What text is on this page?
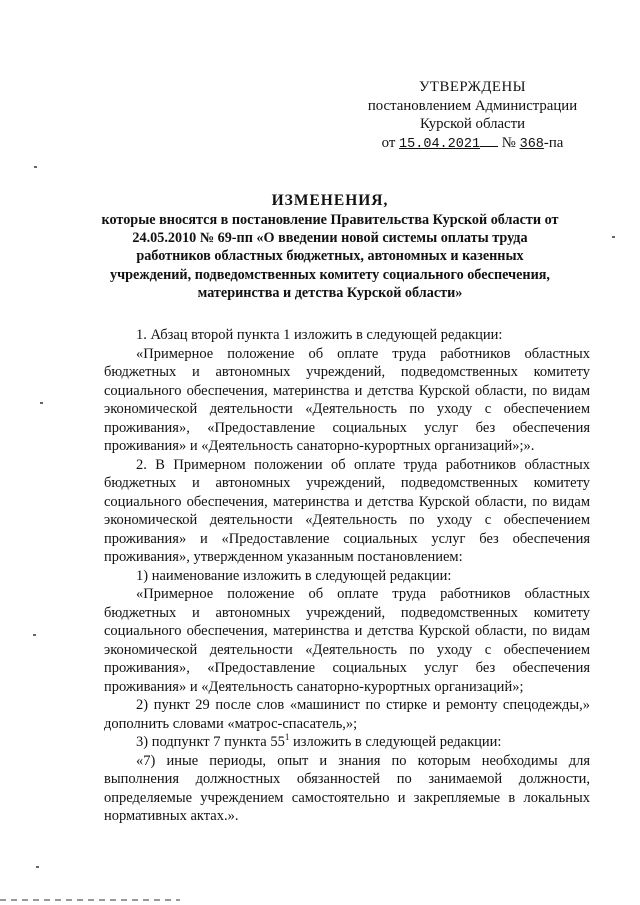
УТВЕРЖДЕНЫ
постановлением Администрации
Курской области
от 15.04.2021 № 368-па
ИЗМЕНЕНИЯ,
которые вносятся в постановление Правительства Курской области от 24.05.2010 № 69-пп «О введении новой системы оплаты труда работников областных бюджетных, автономных и казенных учреждений, подведомственных комитету социального обеспечения, материнства и детства Курской области»

1. Абзац второй пункта 1 изложить в следующей редакции:

«Примерное положение об оплате труда работников областных бюджетных и автономных учреждений, подведомственных комитету социального обеспечения, материнства и детства Курской области, по видам экономической деятельности «Деятельность по уходу с обеспечением проживания», «Предоставление социальных услуг без обеспечения проживания» и «Деятельность санаторно-курортных организаций»;».

2. В Примерном положении об оплате труда работников областных бюджетных и автономных учреждений, подведомственных комитету социального обеспечения, материнства и детства Курской области, по видам экономической деятельности «Деятельность по уходу с обеспечением проживания» и «Предоставление социальных услуг без обеспечения проживания», утвержденном указанным постановлением:

1) наименование изложить в следующей редакции:

«Примерное положение об оплате труда работников областных бюджетных и автономных учреждений, подведомственных комитету социального обеспечения, материнства и детства Курской области, по видам экономической деятельности «Деятельность по уходу с обеспечением проживания», «Предоставление социальных услуг без обеспечения проживания» и «Деятельность санаторно-курортных организаций»;

2) пункт 29 после слов «машинист по стирке и ремонту спецодежды,» дополнить словами «матрос-спасатель,»;

3) подпункт 7 пункта $55^1$ изложить в следующей редакции:

«7) иные периоды, опыт и знания по которым необходимы для выполнения должностных обязанностей по занимаемой должности, определяемые учреждением самостоятельно и закрепляемые в локальных нормативных актах.».
